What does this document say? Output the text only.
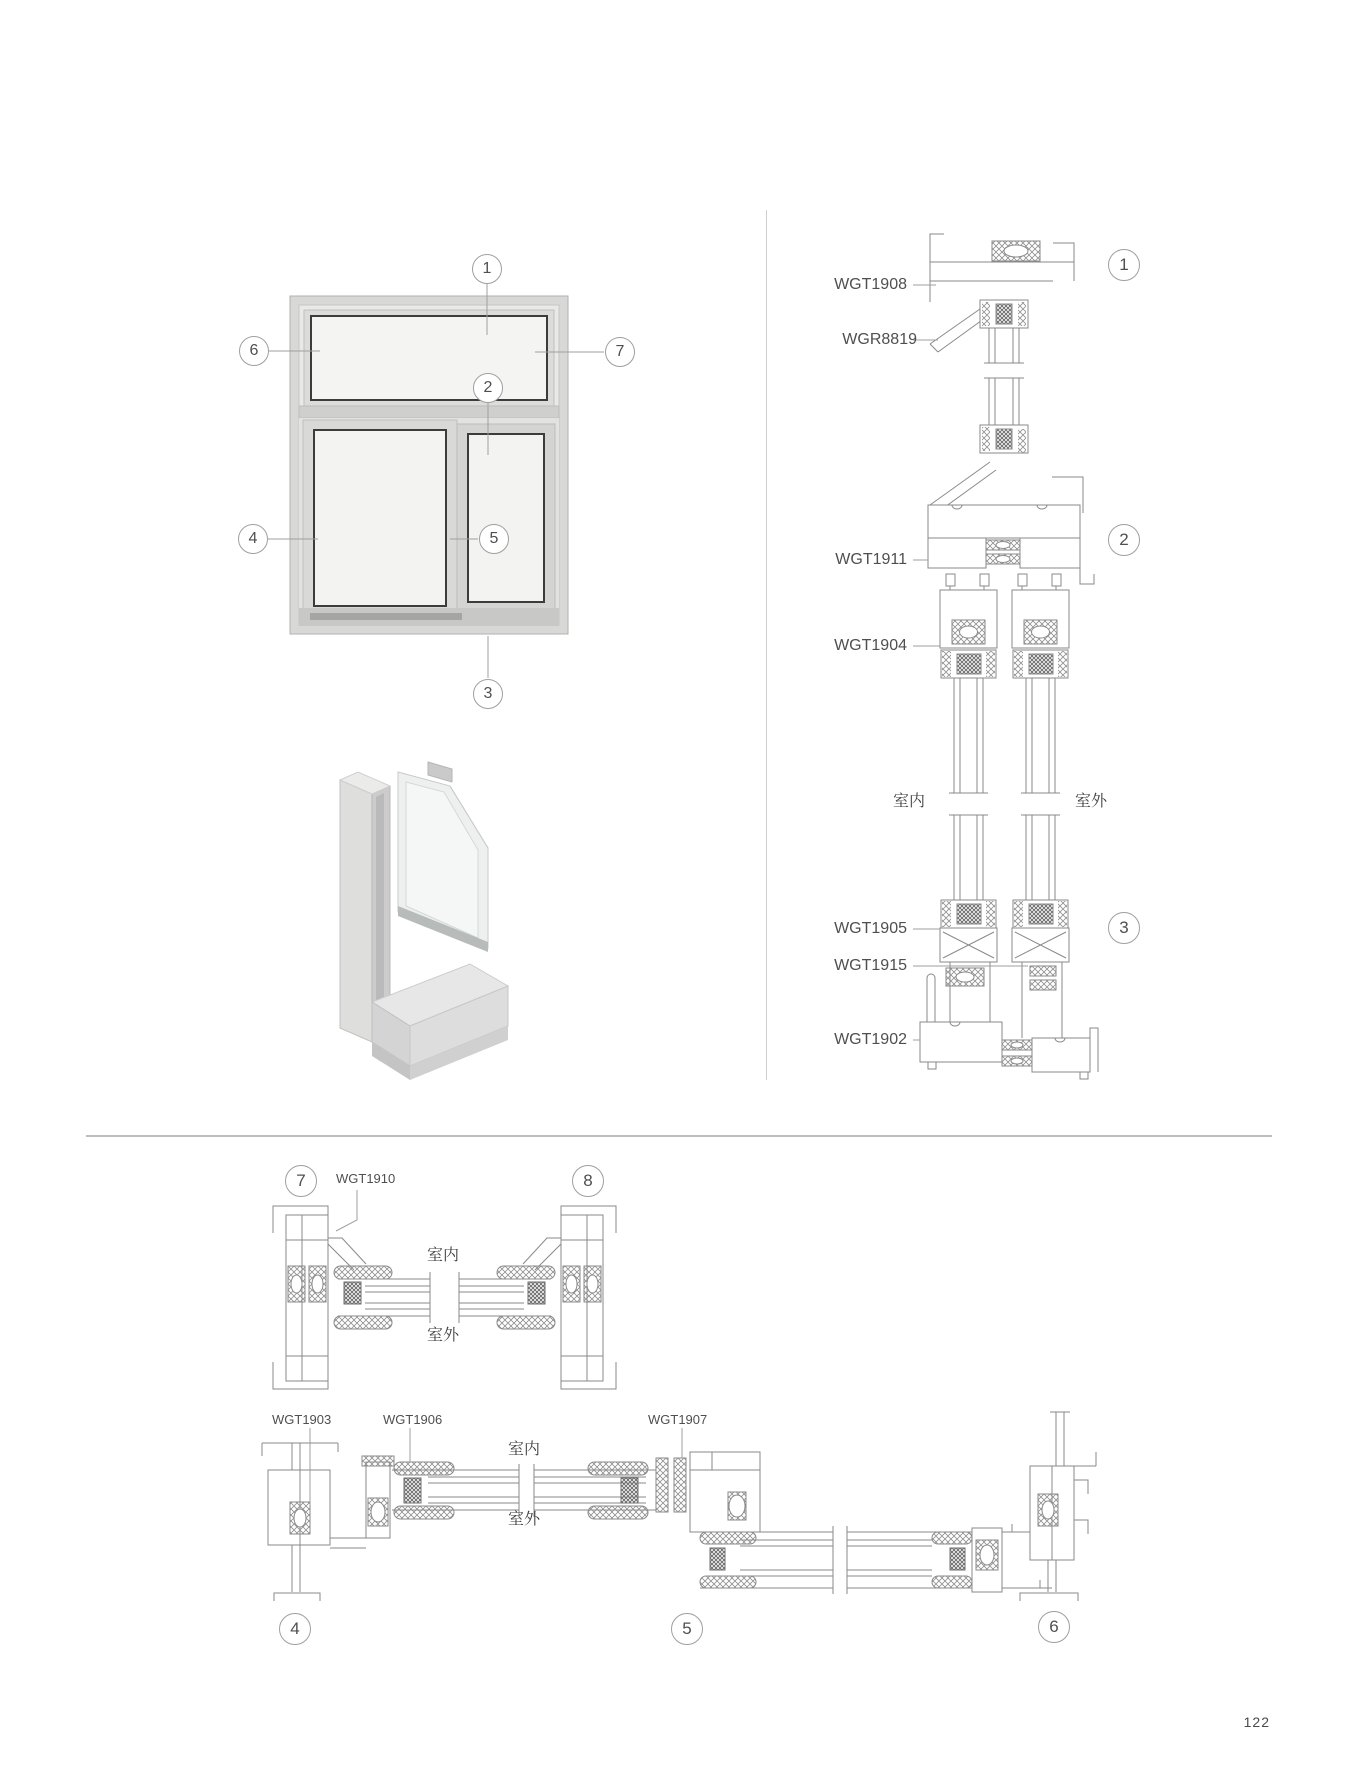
1
2
3
4	5
6	7
WGT1908
WGR8819
WGT1911
WGT1904
WGT1905
WGT1915
WGT1902
室内	室外
1
2
3
7	8
WGT1910
室内
室外
WGT1903	WGT1906	WGT1907
室内
室外
4	5	6
122
